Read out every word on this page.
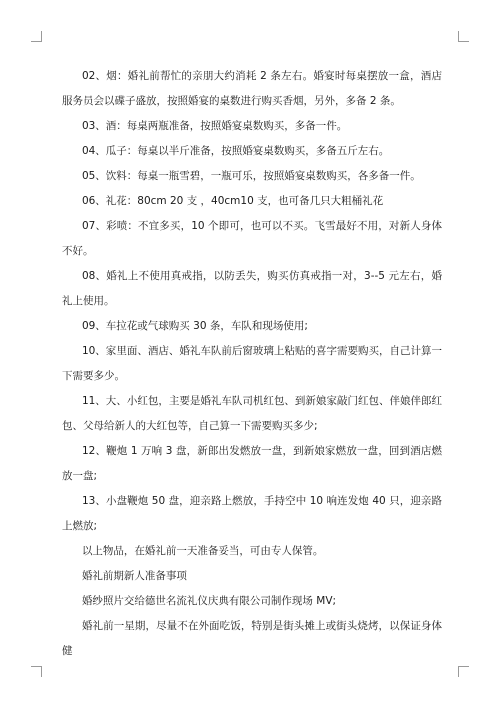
02、烟：婚礼前帮忙的亲朋大约消耗 2 条左右。婚宴时每桌摆放一盒，酒店服务员会以碟子盛放，按照婚宴的桌数进行购买香烟，另外，多备 2 条。

03、酒：每桌两瓶准备，按照婚宴桌数购买，多备一件。

04、瓜子：每桌以半斤准备，按照婚宴桌数购买，多备五斤左右。

05、饮料：每桌一瓶雪碧，一瓶可乐，按照婚宴桌数购买，各多备一件。

06、礼花：80cm 20 支 ，40cm10 支，也可备几只大粗桶礼花

07、彩喷：不宜多买，10 个即可，也可以不买。飞雪最好不用，对新人身体不好。

08、婚礼上不使用真戒指，以防丢失，购买仿真戒指一对，3--5 元左右，婚礼上使用。

09、车拉花或气球购买 30 条，车队和现场使用;

10、家里面、酒店、婚礼车队前后窗玻璃上粘贴的喜字需要购买，自己计算一下需要多少。

11、大、小红包，主要是婚礼车队司机红包、到新娘家敲门红包、伴娘伴郎红包、父母给新人的大红包等，自己算一下需要购买多少;

12、鞭炮 1 万响 3 盘，新郎出发燃放一盘，到新娘家燃放一盘，回到酒店燃放一盘;

13、小盘鞭炮 50 盘，迎亲路上燃放，手持空中 10 响连发炮 40 只，迎亲路上燃放;

以上物品，在婚礼前一天准备妥当，可由专人保管。

婚礼前期新人准备事项

婚纱照片交给德世名流礼仪庆典有限公司制作现场 MV;

婚礼前一星期，尽量不在外面吃饭，特别是街头摊上或街头烧烤，以保证身体健
